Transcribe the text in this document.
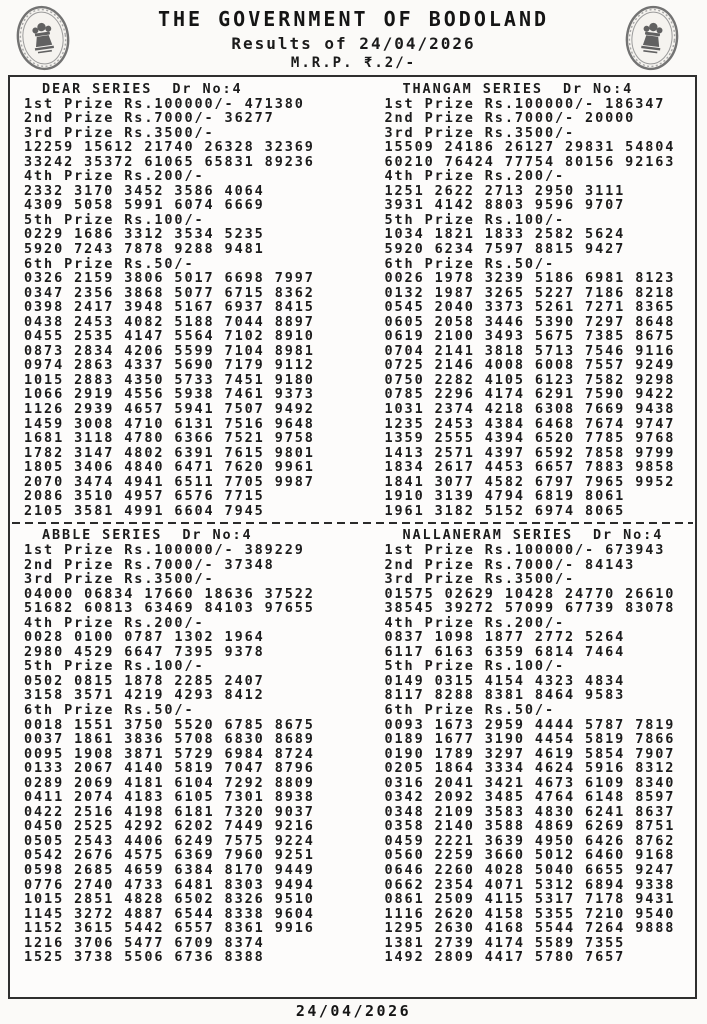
THE GOVERNMENT OF BODOLAND
Results of 24/04/2026
M.R.P. ₹.2/-
DEAR SERIES  Dr No:4
1st Prize Rs.100000/- 471380
2nd Prize Rs.7000/- 36277
3rd Prize Rs.3500/-
12259 15612 21740 26328 32369
33242 35372 61065 65831 89236
4th Prize Rs.200/-
2332 3170 3452 3586 4064
4309 5058 5991 6074 6669
5th Prize Rs.100/-
0229 1686 3312 3534 5235
5920 7243 7878 9288 9481
6th Prize Rs.50/-
0326 2159 3806 5017 6698 7997
0347 2356 3868 5077 6715 8362
0398 2417 3948 5167 6937 8415
0438 2453 4082 5188 7044 8897
0455 2535 4147 5564 7102 8910
0873 2834 4206 5599 7104 8981
0974 2863 4337 5690 7179 9112
1015 2883 4350 5733 7451 9180
1066 2919 4556 5938 7461 9373
1126 2939 4657 5941 7507 9492
1459 3008 4710 6131 7516 9648
1681 3118 4780 6366 7521 9758
1782 3147 4802 6391 7615 9801
1805 3406 4840 6471 7620 9961
2070 3474 4941 6511 7705 9987
2086 3510 4957 6576 7715
2105 3581 4991 6604 7945
THANGAM SERIES  Dr No:4
1st Prize Rs.100000/- 186347
2nd Prize Rs.7000/- 20000
3rd Prize Rs.3500/-
15509 24186 26127 29831 54804
60210 76424 77754 80156 92163
4th Prize Rs.200/-
1251 2622 2713 2950 3111
3931 4142 8803 9596 9707
5th Prize Rs.100/-
1034 1821 1833 2582 5624
5920 6234 7597 8815 9427
6th Prize Rs.50/-
0026 1978 3239 5186 6981 8123
0132 1987 3265 5227 7186 8218
0545 2040 3373 5261 7271 8365
0605 2058 3446 5390 7297 8648
0619 2100 3493 5675 7385 8675
0704 2141 3818 5713 7546 9116
0725 2146 4008 6008 7557 9249
0750 2282 4105 6123 7582 9298
0785 2296 4174 6291 7590 9422
1031 2374 4218 6308 7669 9438
1235 2453 4384 6468 7674 9747
1359 2555 4394 6520 7785 9768
1413 2571 4397 6592 7858 9799
1834 2617 4453 6657 7883 9858
1841 3077 4582 6797 7965 9952
1910 3139 4794 6819 8061
1961 3182 5152 6974 8065
ABBLE SERIES  Dr No:4
1st Prize Rs.100000/- 389229
2nd Prize Rs.7000/- 37348
3rd Prize Rs.3500/-
04000 06834 17660 18636 37522
51682 60813 63469 84103 97655
4th Prize Rs.200/-
0028 0100 0787 1302 1964
2980 4529 6647 7395 9378
5th Prize Rs.100/-
0502 0815 1878 2285 2407
3158 3571 4219 4293 8412
6th Prize Rs.50/-
0018 1551 3750 5520 6785 8675
0037 1861 3836 5708 6830 8689
0095 1908 3871 5729 6984 8724
0133 2067 4140 5819 7047 8796
0289 2069 4181 6104 7292 8809
0411 2074 4183 6105 7301 8938
0422 2516 4198 6181 7320 9037
0450 2525 4292 6202 7449 9216
0505 2543 4406 6249 7575 9224
0542 2676 4575 6369 7960 9251
0598 2685 4659 6384 8170 9449
0776 2740 4733 6481 8303 9494
1015 2851 4828 6502 8326 9510
1145 3272 4887 6544 8338 9604
1152 3615 5442 6557 8361 9916
1216 3706 5477 6709 8374
1525 3738 5506 6736 8388
NALLANERAM SERIES  Dr No:4
1st Prize Rs.100000/- 673943
2nd Prize Rs.7000/- 84143
3rd Prize Rs.3500/-
01575 02629 10428 24770 26610
38545 39272 57099 67739 83078
4th Prize Rs.200/-
0837 1098 1877 2772 5264
6117 6163 6359 6814 7464
5th Prize Rs.100/-
0149 0315 4154 4323 4834
8117 8288 8381 8464 9583
6th Prize Rs.50/-
0093 1673 2959 4444 5787 7819
0189 1677 3190 4454 5819 7866
0190 1789 3297 4619 5854 7907
0205 1864 3334 4624 5916 8312
0316 2041 3421 4673 6109 8340
0342 2092 3485 4764 6148 8597
0348 2109 3583 4830 6241 8637
0358 2140 3588 4869 6269 8751
0459 2221 3639 4950 6426 8762
0560 2259 3660 5012 6460 9168
0646 2260 4028 5040 6655 9247
0662 2354 4071 5312 6894 9338
0861 2509 4115 5317 7178 9431
1116 2620 4158 5355 7210 9540
1295 2630 4168 5544 7264 9888
1381 2739 4174 5589 7355
1492 2809 4417 5780 7657
24/04/2026
